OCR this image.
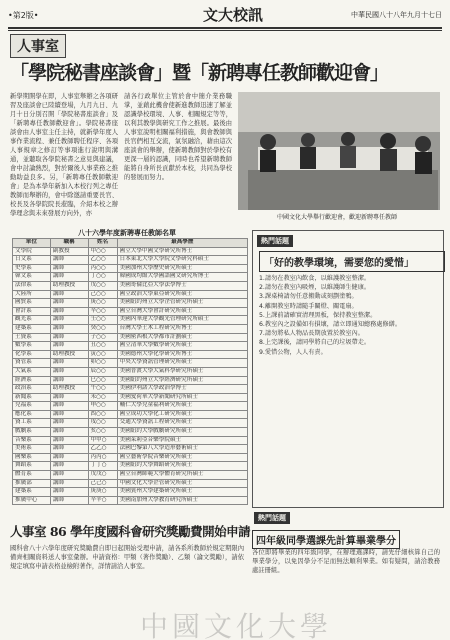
•第2版•	文大校訊	中華民國八十八年九月十七日
人事室
「學院秘書座談會」暨「新聘專任教師歡迎會」
新學期開學在即，人事室舉辦之各項研習及座談會已陸續登場，九月九日、九月十日分別召開「學院秘書座談會」及「新聘專任教師歡迎會」。學院秘書座談會由人事室主任主持，就新學年度人事作業流程、兼任教師聘任程序、各項人事規章之修訂等事項進行說明與溝通，並聽取各學院秘書之意見與建議，會中討論熱烈，對於爾後人事業務之推動助益良多。另，「新聘專任教師歡迎會」是為本學年新加入本校行列之專任教師而舉辦的，會中除邀請重要長官、校長及各學院院長蒞臨，介紹本校之辦學理念與未來發展方向外，亦
請各行政單位主管於會中簡介業務職掌，並藉此機會使新進教師迅速了解並認識學校環境、人事、相關規定等等，以利其教學與研究工作之推展。最後由人事室說明相關福利措施，與會教師與長官們相互交流，氣氛融洽，藉由這次座談會的舉辦，使新聘教師對於學校有更深一層的認識，同時也希望新聘教師能將自身所長貢獻於本校，共同為學校的發展而努力。
中國文化大學舉行歡迎會，歡迎新聘專任教師
八十六學年度新聘專任教師名單
單位	職稱	姓名	最高學歷
文學院	副教授	甲○○	國立大學中國文學研究所博士
日文系	講師	乙○○	日本東北大學大學院文學研究科碩士
史學系	講師	丙○○	美國加州大學歷史研究所碩士
韓文系	講師	丁○○	韓國成均館大學國語國文研究所博士
法律系	助理教授	戊○○	美國哥倫比亞大學法學博士
大陸所	講師	己○○	國立政治大學東亞研究所碩士
國貿系	講師	庚○○	美國紐約州立大學企管研究所碩士
會計系	講師	辛○○	國立台灣大學會計研究所碩士
觀光系	講師	壬○○	美國內華達大學觀光管理研究所碩士
建築系	講師	癸○○	台灣大學土木工程研究所博士
土資系	講師	子○○	美國密西根大學都市計劃碩士
數學系	講師	丑○○	國立清華大學數學研究所碩士
化學系	助理教授	寅○○	美國德州大學化學研究所博士
資管系	講師	卯○○	中央大學資訊管理研究所碩士
大氣系	講師	辰○○	美國普渡大學大氣科學研究所碩士
經濟系	講師	巳○○	美國紐約州立大學經濟研究所碩士
政治系	助理教授	午○○	美國伊利諾大學政治學博士
新聞系	講師	未○○	美國愛荷華大學新聞研究所碩士
兒福系	講師	申○○	輔仁大學兒童福利研究所碩士
應化系	講師	酉○○	國立成功大學化工研究所碩士
資工系	講師	戌○○	交通大學資訊工程研究所碩士
戲劇系	講師	亥○○	美國紐約大學戲劇研究所碩士
音樂系	講師	甲甲○	美國茱莉亞音樂學院碩士
美術系	講師	乙乙○	法國巴黎第八大學造形藝術碩士
國樂系	講師	丙丙○	國立藝術學院音樂研究所碩士
舞蹈系	講師	丁丁○	美國紐約大學舞蹈研究所碩士
體育系	講師	戊戊○	國立台灣師範大學體育研究所碩士
推廣部	講師	己己○	中國文化大學企管研究所碩士
建築系	講師	庚庚○	美國賓州大學建築研究所碩士
推廣中心	講師	辛辛○	美國南加州大學教育研究所碩士
熱門話題
「好的教學環境，需要您的愛惜」

1.請勿在教室內飲食，以維護教室整潔。

2.請勿在教室內吸煙，以維護師生健康。

3.課桌椅請勿任意搬動或刻劃塗鴉。

4.離開教室時請隨手關燈、關電扇。

5.上課前請確實清理黑板，保持教室整潔。

6.教室內之設備如有損壞，請立即通知總務處修繕。

7.請勿將私人物品長期放置於教室內。

8.上完課後，請同學將自己的垃圾帶走。

9.愛惜公物，人人有責。

人事室 86 學年度國科會研究獎勵費開始申請
國科會八十六學年度研究獎勵費自即日起開始受理申請，請各系所教師於規定期限內備齊相關資料送人事室彙辦。申請資格：甲類（著作獎勵）、乙類（論文獎勵），請依規定填寫申請表格並檢附著作，詳情請洽人事室。
熱門話題
四年級同學選課先計算畢業學分
各位即將畢業的四年級同學，在辦理選課時，請先仔細核算自己的畢業學分，以免因學分不足而無法順利畢業。如有疑問，請洽教務處註冊組。
中國文化大學
